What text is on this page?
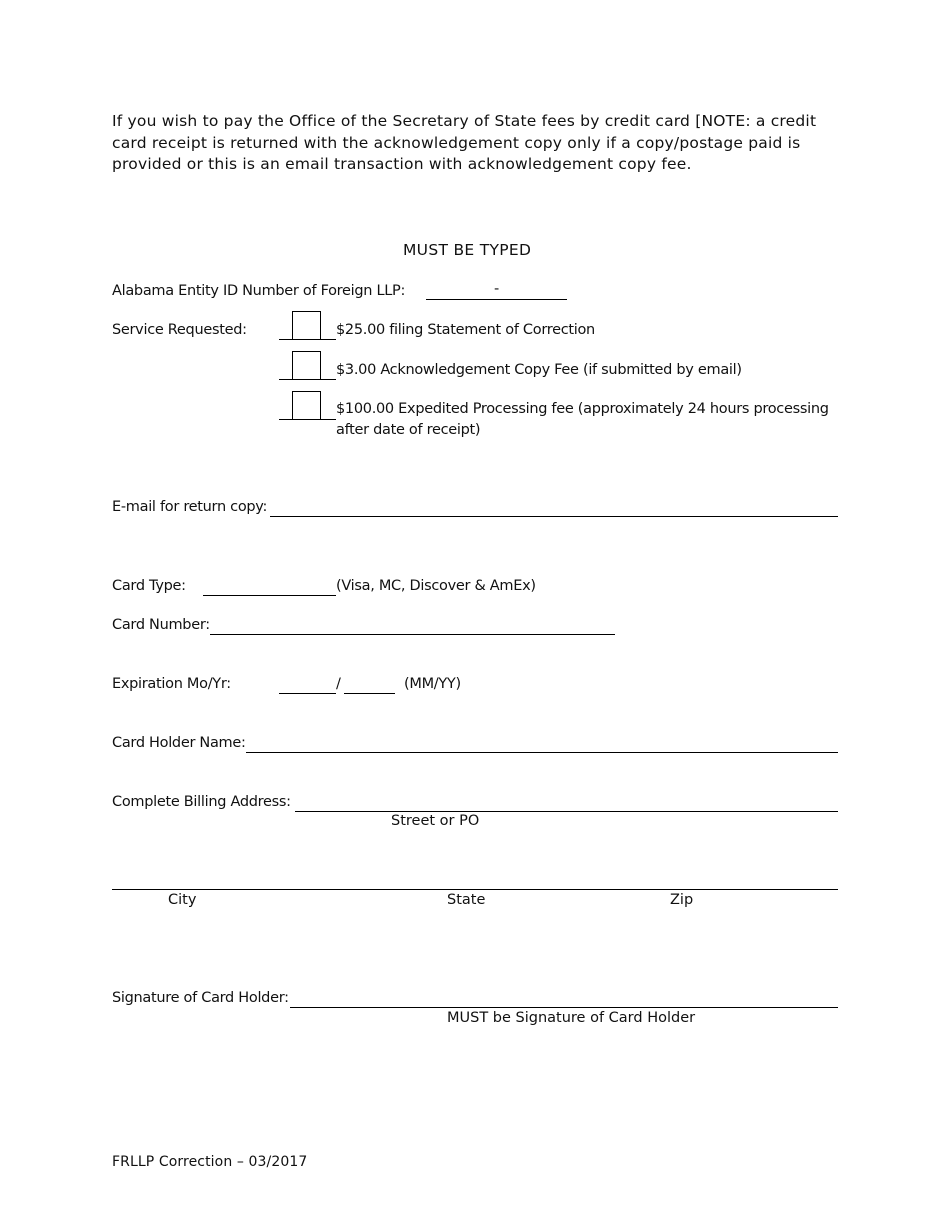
If you wish to pay the Office of the Secretary of State fees by credit card [NOTE: a credit card receipt is returned with the acknowledgement copy only if a copy/postage paid is provided or this is an email transaction with acknowledgement copy fee.
MUST BE TYPED
Alabama Entity ID Number of Foreign LLP:	-
Service Requested:	$25.00 filing Statement of Correction
$3.00 Acknowledgement Copy Fee (if submitted by email)
$100.00 Expedited Processing fee (approximately 24 hours processing
after date of receipt)
E-mail for return copy:
Card Type:	(Visa, MC, Discover & AmEx)
Card Number:
Expiration Mo/Yr:	/	(MM/YY)
Card Holder Name:
Complete Billing Address:
Street or PO
City	State	Zip
Signature of Card Holder:
MUST be Signature of Card Holder
FRLLP Correction – 03/2017
